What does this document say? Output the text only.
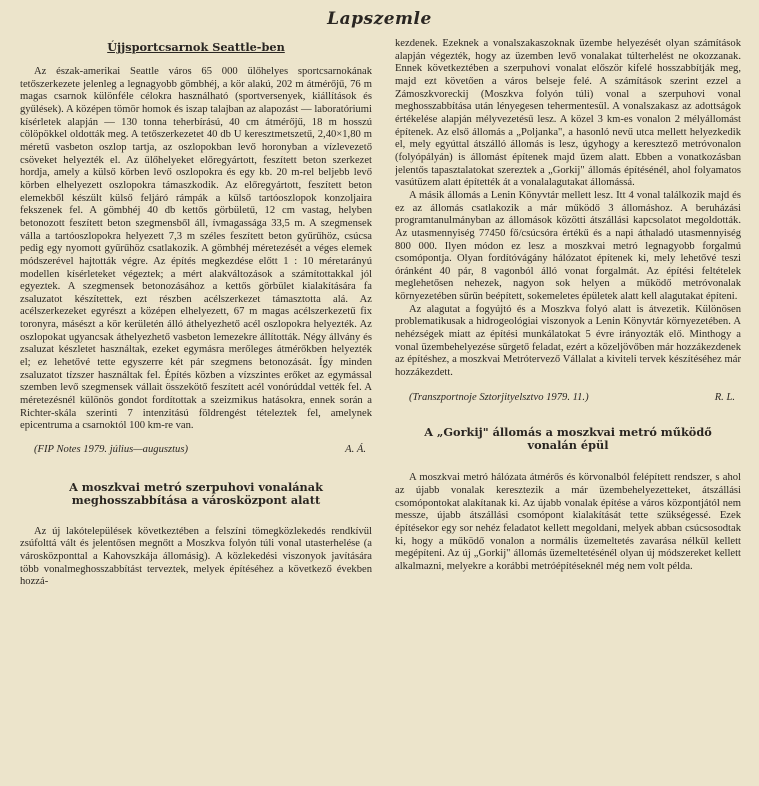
Lapszemle
Újjsportcsarnok Seattle-ben

Az észak-amerikai Seattle város 65 000 ülőhelyes sportcsarnokának tetőszerkezete jelenleg a legnagyobb gömbhéj, a kör alakú, 202 m átmérőjű, 76 m magas csarnok különféle célokra használható (sportversenyek, kiállítások és gyűlések). A középen tömör homok és iszap talajban az alapozást — laboratóriumi kísérletek alapján — 130 tonna teherbírású, 40 cm átmérőjű, 18 m hosszú cölöpökkel oldották meg. A tetőszerkezetet 40 db U keresztmetszetű, 2,40×1,80 m méretű vasbeton oszlop tartja, az oszlopokban levő horonyban a vízlevezető csöveket helyezték el. Az ülőhelyeket előregyártott, feszített beton szerkezet hordja, amely a külső körben levő oszlopokra és egy kb. 20 m-rel beljebb levő körben elhelyezett oszlopokra támaszkodik. Az előregyártott, feszített beton elemekből készült külső feljáró rámpák a külső tartóoszlopok konzoljaira fekszenek fel. A gömbhéj 40 db kettős görbületű, 12 cm vastag, helyben betonozott feszített beton szegmensből áll, ívmagassága 33,5 m. A szegmensek válla a tartóoszlopokra helyezett 7,3 m széles feszített beton gyűrűhöz, csúcsa pedig egy nyomott gyűrűhöz csatlakozik. A gömbhéj méretezését a véges elemek módszerével hajtották végre. Az építés megkezdése előtt 1 : 10 méretarányú modellen kísérleteket végeztek; a mért alakváltozások a számítottakkal jól egyeztek. A szegmensek betonozásához a kettős görbület kialakítására fa zsaluzatot készítettek, ezt részben acélszerkezet támasztotta alá. Az acélszerkezeket egyrészt a középen elhelyezett, 67 m magas acélszerkezetű fix toronyra, másészt a kör kerületén álló áthelyezhető acél oszlopokra helyezték. Az oszlopokat ugyancsak áthelyezhető vasbeton lemezekre állították. Négy állvány és zsaluzat készletet használtak, ezeket egymásra merőleges átmérőkben helyezték el; ez lehetővé tette egyszerre két pár szegmens betonozását. Így minden zsaluzatot tízszer használtak fel. Építés közben a vízszintes erőket az egymással szemben levő szegmensek vállait összekötő feszített acél vonórúddal vették fel. A méretezésnél különös gondot fordítottak a szeizmikus hatásokra, ennek során a Richter-skála szerinti 7 intenzitású földrengést tételeztek fel, amelynek epicentruma a csarnoktól 100 km-re van.

(FIP Notes 1979. július—augusztus)	A. Á.
A moszkvai metró szerpuhovi vonalának
meghosszabbítása a városközpont alatt

Az új lakótelepülések következtében a felszíni tömegközlekedés rendkívül zsúfolttá vált és jelentősen megnőtt a Moszkva folyón túli vonal utasterhelése (a városközponttal a Kahovszkája állomásig). A közlekedési viszonyok javítására több vonalmeghosszabbítást terveztek, melyek építéséhez a következő években hozzá-

kezdenek. Ezeknek a vonalszakaszoknak üzembe helyezését olyan számítások alapján végezték, hogy az üzemben levő vonalakat túlterhelést ne okozzanak. Ennek következtében a szerpuhovi vonalat először kifelé hosszabbítják meg, majd ezt követően a város belseje felé. A számítások szerint ezzel a Zámoszkvoreckij (Moszkva folyón túli) vonal a szerpuhovi vonal meghosszabbítása után lényegesen tehermentesül. A vonalszakasz az adottságok értékelése alapján mélyvezetésű lesz. A közel 3 km-es vonalon 2 mélyállomást építenek. Az első állomás a „Poljanka", a hasonló nevű utca mellett helyezkedik el, mely egyúttal átszálló állomás is lesz, úgyhogy a keresztező metróvonalon (folyópályán) is állomást építenek majd üzem alatt. Ebben a vonatkozásban jelentős tapasztalatokat szereztek a „Gorkij" állomás építésénél, ahol folyamatos vasútüzem alatt építették át a vonalalagutakat állomássá.

A másik állomás a Lenin Könyvtár mellett lesz. Itt 4 vonal találkozik majd és ez az állomás csatlakozik a már működő 3 állomáshoz. A beruházási programtanulmányban az állomások közötti átszállási kapcsolatot megoldották. Az utasmennyiség 77450 fő/csúcsóra értékű és a napi áthaladó utasmennyiség 800 000. Ilyen módon ez lesz a moszkvai metró legnagyobb forgalmú csomópontja. Olyan fordítóvágány hálózatot építenek ki, mely lehetővé teszi óránként 40 pár, 8 vagonból álló vonat forgalmát. Az építési feltételek meglehetősen nehezek, nagyon sok helyen a működő metróvonalak környezetében sűrűn beépített, sokemeletes épületek alatt kell alagutakat építeni.

Az alagutat a fogyújtó és a Moszkva folyó alatt is átvezetik. Különösen problematikusak a hidrogeológiai viszonyok a Lenin Könyvtár környezetében. A nehézségek miatt az építési munkálatokat 5 évre irányozták elő. Minthogy a vonal üzembehelyezése sürgető feladat, ezért a közeljövőben már hozzákezdenek az építéshez, a moszkvai Metrótervező Vállalat a kiviteli tervek készítéséhez már hozzákezdett.

(Transzportnoje Sztorjityelsztvo 1979. 11.)	R. L.
A „Gorkij" állomás a moszkvai metró működő
vonalán épül

A moszkvai metró hálózata átmérős és körvonalból felépített rendszer, s ahol az újabb vonalak keresztezik a már üzembehelyezetteket, átszállási csomópontokat alakítanak ki. Az újabb vonalak építése a város központjától nem messze, újabb átszállási csomópont kialakítását tette szükségessé. Ezek építésekor egy sor nehéz feladatot kellett megoldani, melyek abban csúcsosodtak ki, hogy a működő vonalon a normális üzemeltetés zavarása nélkül kellett megépíteni. Az új „Gorkij" állomás üzemeltetésénél olyan új módszereket kellett alkalmazni, melyekre a korábbi metróépítéseknél még nem volt példa.
